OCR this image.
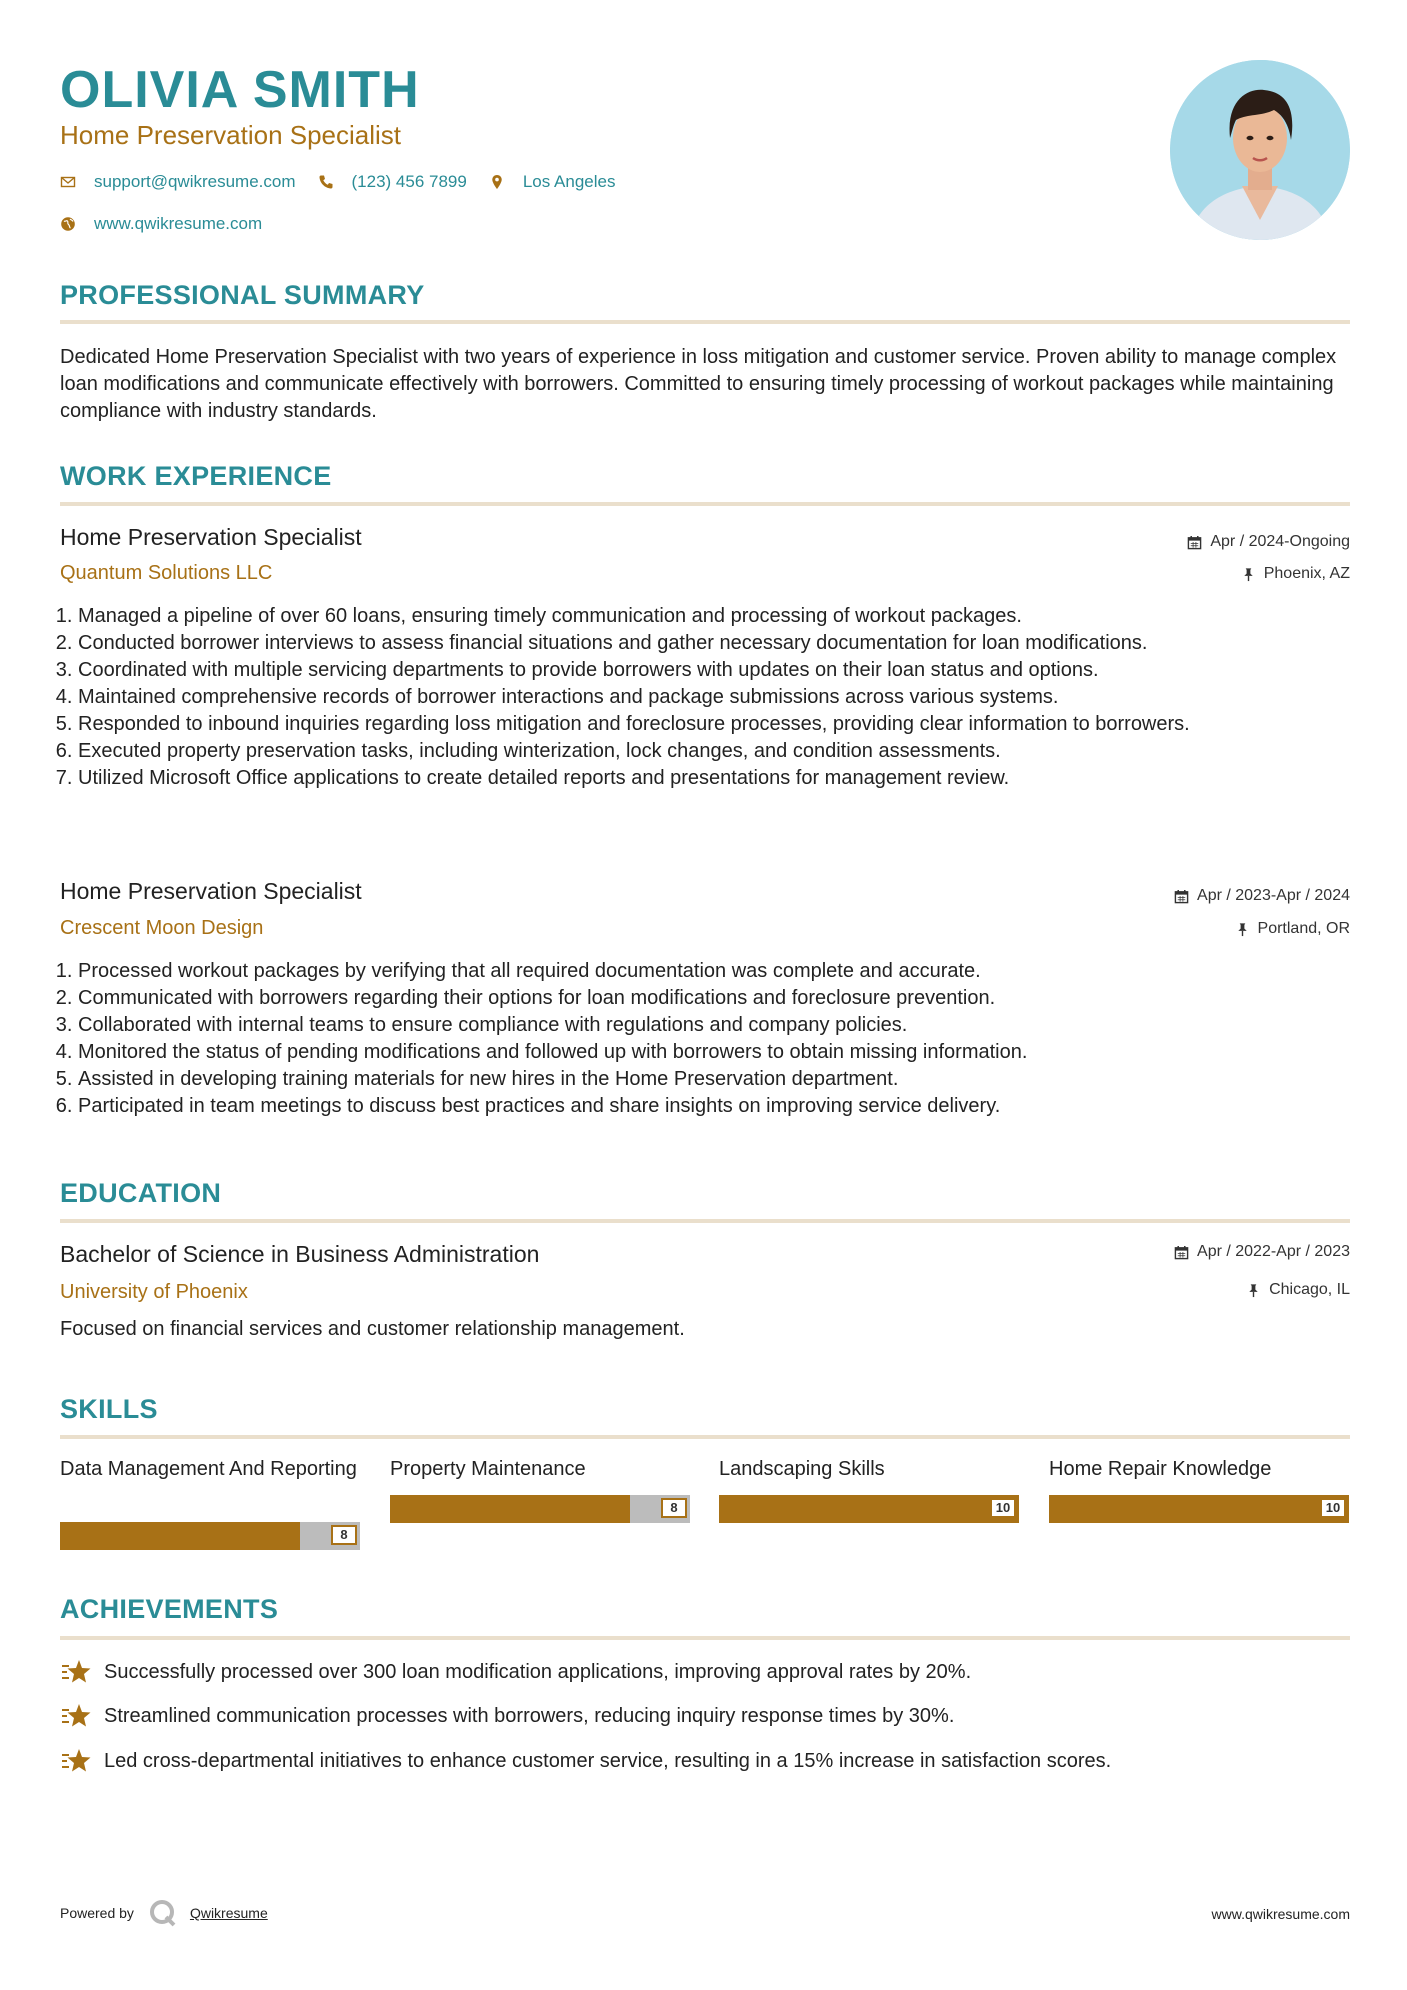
OLIVIA SMITH
Home Preservation Specialist
support@qwikresume.com	(123) 456 7899	Los Angeles
www.qwikresume.com
PROFESSIONAL SUMMARY
Dedicated Home Preservation Specialist with two years of experience in loss mitigation and customer service. Proven ability to manage complex loan modifications and communicate effectively with borrowers. Committed to ensuring timely processing of workout packages while maintaining compliance with industry standards.
WORK EXPERIENCE
Home Preservation Specialist	Apr / 2024-Ongoing
Quantum Solutions LLC	Phoenix, AZ
1. Managed a pipeline of over 60 loans, ensuring timely communication and processing of workout packages.
2. Conducted borrower interviews to assess financial situations and gather necessary documentation for loan modifications.
3. Coordinated with multiple servicing departments to provide borrowers with updates on their loan status and options.
4. Maintained comprehensive records of borrower interactions and package submissions across various systems.
5. Responded to inbound inquiries regarding loss mitigation and foreclosure processes, providing clear information to borrowers.
6. Executed property preservation tasks, including winterization, lock changes, and condition assessments.
7. Utilized Microsoft Office applications to create detailed reports and presentations for management review.
Home Preservation Specialist	Apr / 2023-Apr / 2024
Crescent Moon Design	Portland, OR
1. Processed workout packages by verifying that all required documentation was complete and accurate.
2. Communicated with borrowers regarding their options for loan modifications and foreclosure prevention.
3. Collaborated with internal teams to ensure compliance with regulations and company policies.
4. Monitored the status of pending modifications and followed up with borrowers to obtain missing information.
5. Assisted in developing training materials for new hires in the Home Preservation department.
6. Participated in team meetings to discuss best practices and share insights on improving service delivery.
EDUCATION
Bachelor of Science in Business Administration	Apr / 2022-Apr / 2023
University of Phoenix	Chicago, IL
Focused on financial services and customer relationship management.
SKILLS
Data Management And Reporting
8
Property Maintenance
8
Landscaping Skills
10
Home Repair Knowledge
10
ACHIEVEMENTS
Successfully processed over 300 loan modification applications, improving approval rates by 20%.
Streamlined communication processes with borrowers, reducing inquiry response times by 30%.
Led cross-departmental initiatives to enhance customer service, resulting in a 15% increase in satisfaction scores.
Powered by	Qwikresume	www.qwikresume.com
